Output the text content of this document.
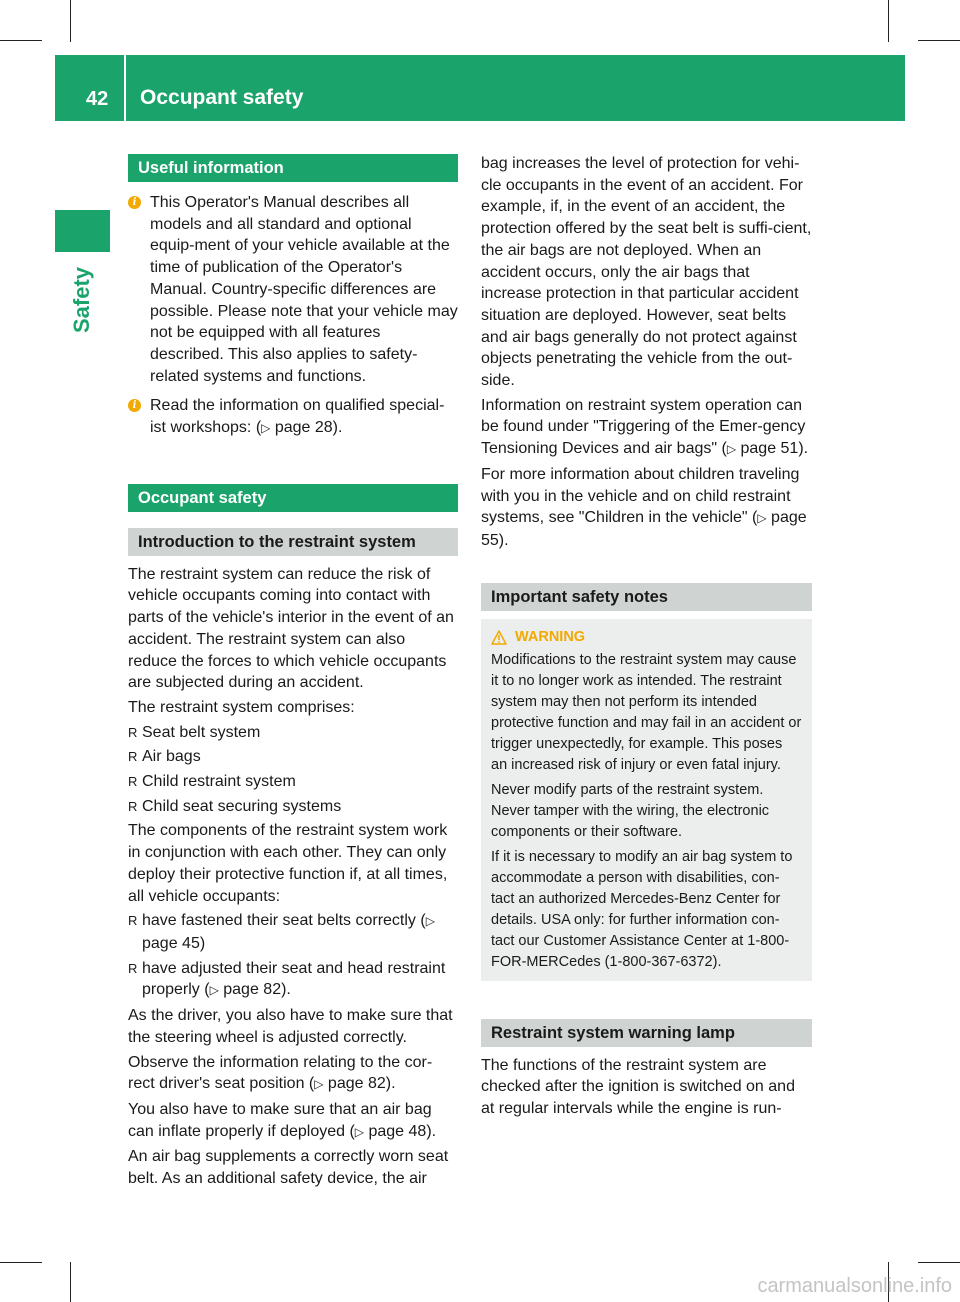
42 Occupant safety
Safety
Useful information
i This Operator's Manual describes all models and all standard and optional equip-ment of your vehicle available at the time of publication of the Operator's Manual. Country-specific differences are possible. Please note that your vehicle may not be equipped with all features described. This also applies to safety-related systems and functions.
i Read the information on qualified special-ist workshops: (▷ page 28).
Occupant safety
Introduction to the restraint system

The restraint system can reduce the risk of vehicle occupants coming into contact with parts of the vehicle's interior in the event of an accident. The restraint system can also reduce the forces to which vehicle occupants are subjected during an accident.

The restraint system comprises:

R Seat belt system
R Air bags
R Child restraint system
R Child seat securing systems

The components of the restraint system work in conjunction with each other. They can only deploy their protective function if, at all times, all vehicle occupants:

R have fastened their seat belts correctly (▷ page 45)
R have adjusted their seat and head restraint properly (▷ page 82).

As the driver, you also have to make sure that the steering wheel is adjusted correctly.

Observe the information relating to the cor-rect driver's seat position (▷ page 82).

You also have to make sure that an air bag can inflate properly if deployed (▷ page 48).

An air bag supplements a correctly worn seat belt. As an additional safety device, the air

bag increases the level of protection for vehi-cle occupants in the event of an accident. For example, if, in the event of an accident, the protection offered by the seat belt is suffi-cient, the air bags are not deployed. When an accident occurs, only the air bags that increase protection in that particular accident situation are deployed. However, seat belts and air bags generally do not protect against objects penetrating the vehicle from the out-side.

Information on restraint system operation can be found under "Triggering of the Emer-gency Tensioning Devices and air bags" (▷ page 51).

For more information about children traveling with you in the vehicle and on child restraint systems, see "Children in the vehicle" (▷ page 55).

Important safety notes
WARNING

Modifications to the restraint system may cause it to no longer work as intended. The restraint system may then not perform its intended protective function and may fail in an accident or trigger unexpectedly, for example. This poses an increased risk of injury or even fatal injury.

Never modify parts of the restraint system. Never tamper with the wiring, the electronic components or their software.

If it is necessary to modify an air bag system to accommodate a person with disabilities, con-tact an authorized Mercedes-Benz Center for details. USA only: for further information con-tact our Customer Assistance Center at 1-800-FOR-MERCedes (1-800-367-6372).

Restraint system warning lamp

The functions of the restraint system are checked after the ignition is switched on and at regular intervals while the engine is run-

carmanualsonline.info
